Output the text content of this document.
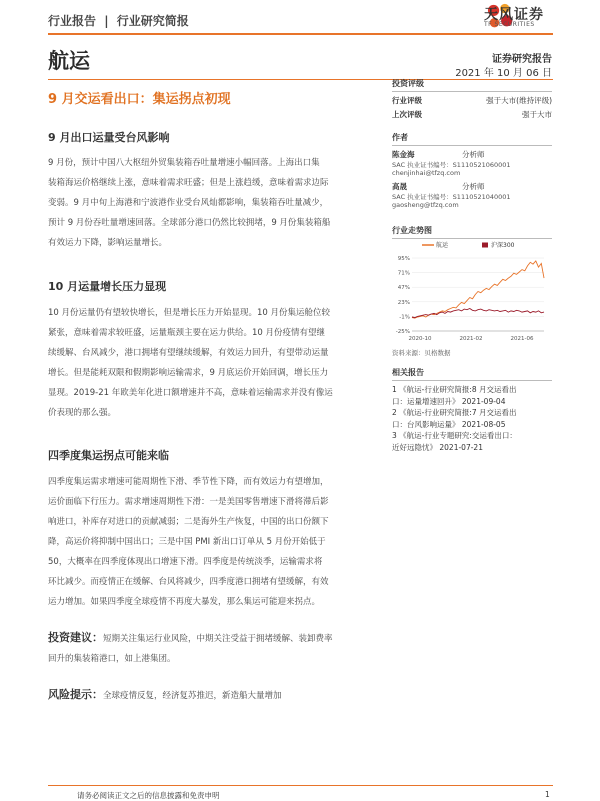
行业报告 | 行业研究简报	天风证券
TF SECURITIES
航运	证券研究报告
2021 年 10 月 06 日
9 月交运看出口：集运拐点初现
9 月出口运量受台风影响
9 月份，预计中国八大枢纽外贸集装箱吞吐量增速小幅回落。上海出口集
装箱海运价格继续上涨，意味着需求旺盛；但是上涨趋缓，意味着需求边际
变弱。9 月中旬上海港和宁波港作业受台风灿都影响，集装箱吞吐量减少，
预计 9 月份吞吐量增速回落。全球部分港口仍然比较拥堵，9 月份集装箱船
有效运力下降，影响运量增长。
10 月运量增长压力显现
10 月份运量仍有望较快增长，但是增长压力开始显现。10 月份集运舱位较
紧张，意味着需求较旺盛，运量瓶颈主要在运力供给。10 月份疫情有望继
续缓解、台风减少，港口拥堵有望继续缓解，有效运力回升，有望带动运量
增长。但是能耗双限和假期影响运输需求，9 月底运价开始回调，增长压力
显现。2019-21 年欧美年化进口额增速并不高，意味着运输需求并没有像运
价表现的那么强。
四季度集运拐点可能来临
四季度集运需求增速可能周期性下滑、季节性下降，而有效运力有望增加，
运价面临下行压力。需求增速周期性下滑：一是美国零售增速下滑将滞后影
响进口，补库存对进口的贡献减弱；二是海外生产恢复，中国的出口份额下
降，高运价将抑制中国出口；三是中国 PMI 新出口订单从 5 月份开始低于
50，大概率在四季度体现出口增速下滑。四季度是传统淡季，运输需求将
环比减少。而疫情正在缓解、台风将减少，四季度港口拥堵有望缓解，有效
运力增加。如果四季度全球疫情不再度大暴发，那么集运可能迎来拐点。
投资建议：短期关注集运行业风险，中期关注受益于拥堵缓解、装卸费率
回升的集装箱港口，如上港集团。
风险提示：全球疫情反复，经济复苏推迟，新造船大量增加
投资评级
行业评级	强于大市(维持评级)
上次评级	强于大市
作者
陈金海	分析师
SAC 执业证书编号：S1110521060001
chenjinhai@tfzq.com
高晟	分析师
SAC 执业证书编号：S1110521040001
gaosheng@tfzq.com
行业走势图
航运	沪深300
95%
71%
47%
23%
-1%
-25%
2020-10	2021-02	2021-06
资料来源：贝格数据
相关报告
1 《航运-行业研究简报:8 月交运看出
口：运量增速回升》 2021-09-04
2 《航运-行业研究简报:7 月交运看出
口：台风影响运量》 2021-08-05
3 《航运-行业专题研究:交运看出口：
近好远隐忧》 2021-07-21
请务必阅读正文之后的信息披露和免责申明	1
